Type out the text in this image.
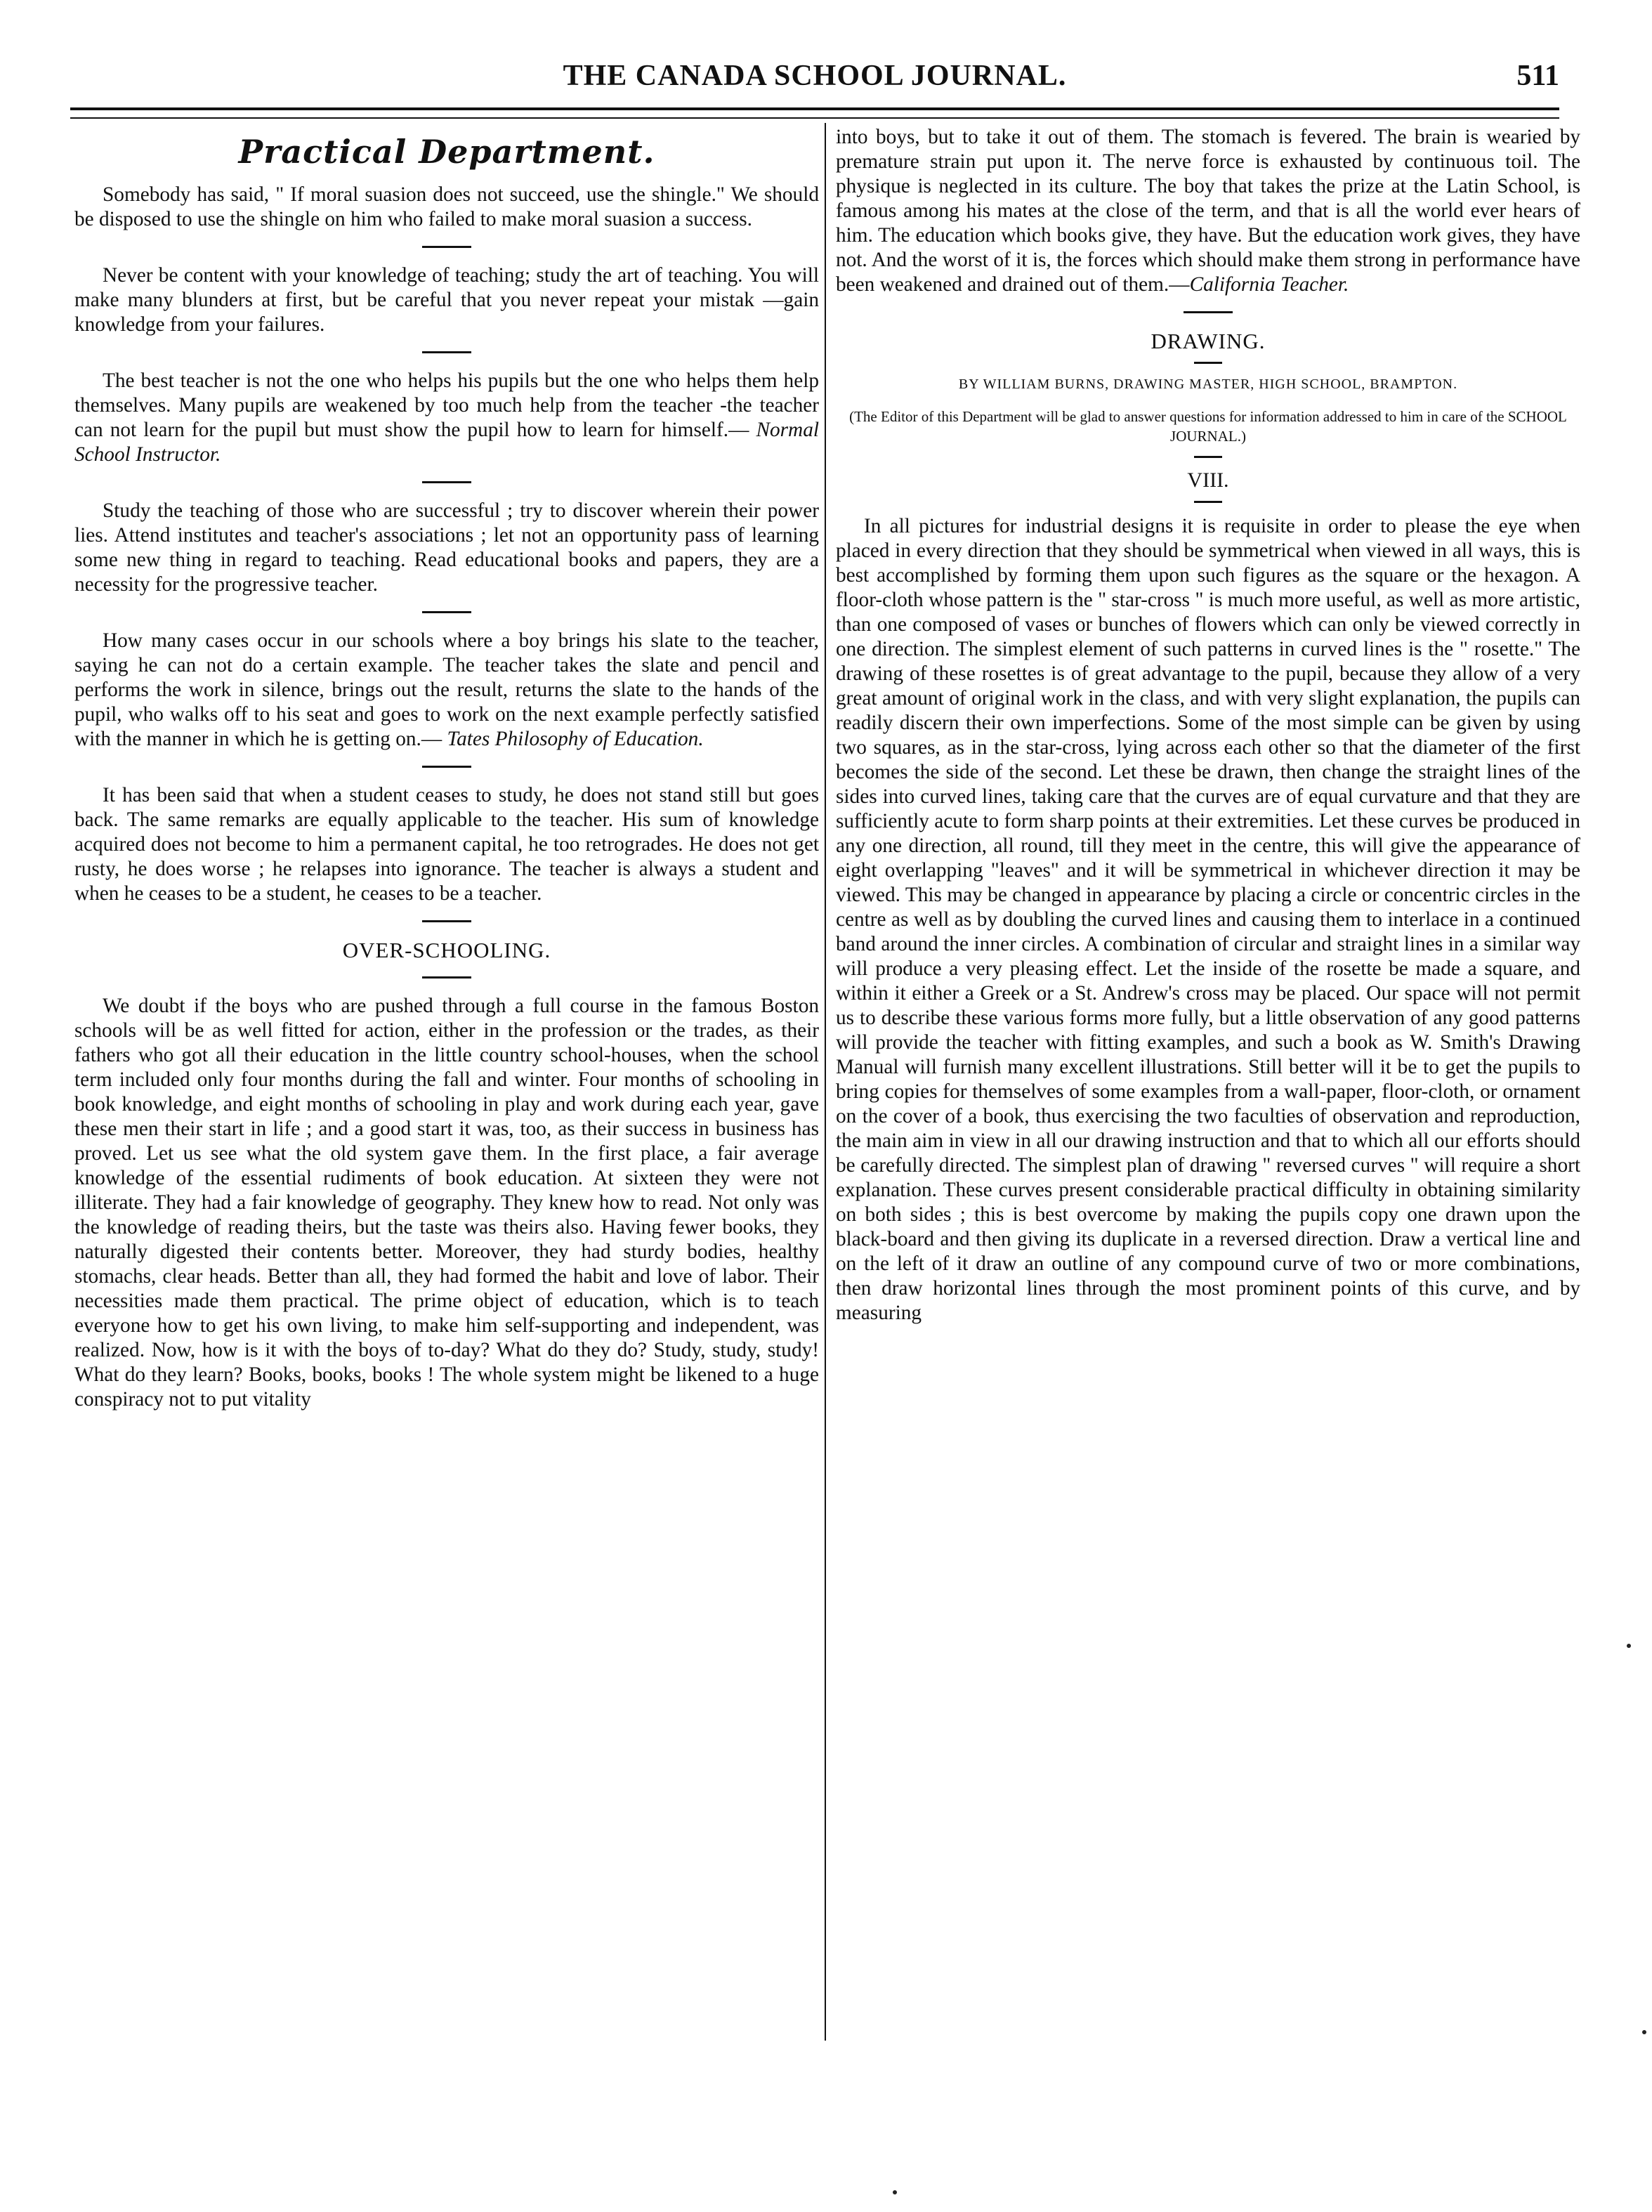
THE CANADA SCHOOL JOURNAL.	511
Practical Department.

Somebody has said, " If moral suasion does not succeed, use the shingle." We should be disposed to use the shingle on him who failed to make moral suasion a success.

Never be content with your knowledge of teaching; study the art of teaching. You will make many blunders at first, but be careful that you never repeat your mistak —gain knowledge from your failures.

The best teacher is not the one who helps his pupils but the one who helps them help themselves. Many pupils are weakened by too much help from the teacher -the teacher can not learn for the pupil but must show the pupil how to learn for himself.— Normal School Instructor.

Study the teaching of those who are successful ; try to discover wherein their power lies. Attend institutes and teacher's associations ; let not an opportunity pass of learning some new thing in regard to teaching. Read educational books and papers, they are a necessity for the progressive teacher.

How many cases occur in our schools where a boy brings his slate to the teacher, saying he can not do a certain example. The teacher takes the slate and pencil and performs the work in silence, brings out the result, returns the slate to the hands of the pupil, who walks off to his seat and goes to work on the next example perfectly satisfied with the manner in which he is getting on.— Tates Philosophy of Education.

It has been said that when a student ceases to study, he does not stand still but goes back. The same remarks are equally applicable to the teacher. His sum of knowledge acquired does not become to him a permanent capital, he too retrogrades. He does not get rusty, he does worse ; he relapses into ignorance. The teacher is always a student and when he ceases to be a student, he ceases to be a teacher.

OVER-SCHOOLING.

We doubt if the boys who are pushed through a full course in the famous Boston schools will be as well fitted for action, either in the profession or the trades, as their fathers who got all their education in the little country school-houses, when the school term included only four months during the fall and winter. Four months of schooling in book knowledge, and eight months of schooling in play and work during each year, gave these men their start in life ; and a good start it was, too, as their success in business has proved. Let us see what the old system gave them. In the first place, a fair average knowledge of the essential rudiments of book education. At sixteen they were not illiterate. They had a fair knowledge of geography. They knew how to read. Not only was the knowledge of reading theirs, but the taste was theirs also. Having fewer books, they naturally digested their contents better. Moreover, they had sturdy bodies, healthy stomachs, clear heads. Better than all, they had formed the habit and love of labor. Their necessities made them practical. The prime object of education, which is to teach everyone how to get his own living, to make him self-supporting and independent, was realized. Now, how is it with the boys of to-day? What do they do? Study, study, study! What do they learn? Books, books, books ! The whole system might be likened to a huge conspiracy not to put vitality

into boys, but to take it out of them. The stomach is fevered. The brain is wearied by premature strain put upon it. The nerve force is exhausted by continuous toil. The physique is neglected in its culture. The boy that takes the prize at the Latin School, is famous among his mates at the close of the term, and that is all the world ever hears of him. The education which books give, they have. But the education work gives, they have not. And the worst of it is, the forces which should make them strong in performance have been weakened and drained out of them.—California Teacher.

DRAWING.
BY WILLIAM BURNS, DRAWING MASTER, HIGH SCHOOL, BRAMPTON.
(The Editor of this Department will be glad to answer questions for information addressed to him in care of the SCHOOL JOURNAL.)
VIII.

In all pictures for industrial designs it is requisite in order to please the eye when placed in every direction that they should be symmetrical when viewed in all ways, this is best accomplished by forming them upon such figures as the square or the hexagon. A floor-cloth whose pattern is the " star-cross " is much more useful, as well as more artistic, than one composed of vases or bunches of flowers which can only be viewed correctly in one direction. The simplest element of such patterns in curved lines is the " rosette." The drawing of these rosettes is of great advantage to the pupil, because they allow of a very great amount of original work in the class, and with very slight explanation, the pupils can readily discern their own imperfections. Some of the most simple can be given by using two squares, as in the star-cross, lying across each other so that the diameter of the first becomes the side of the second. Let these be drawn, then change the straight lines of the sides into curved lines, taking care that the curves are of equal curvature and that they are sufficiently acute to form sharp points at their extremities. Let these curves be produced in any one direction, all round, till they meet in the centre, this will give the appearance of eight overlapping "leaves" and it will be symmetrical in whichever direction it may be viewed. This may be changed in appearance by placing a circle or concentric circles in the centre as well as by doubling the curved lines and causing them to interlace in a continued band around the inner circles. A combination of circular and straight lines in a similar way will produce a very pleasing effect. Let the inside of the rosette be made a square, and within it either a Greek or a St. Andrew's cross may be placed. Our space will not permit us to describe these various forms more fully, but a little observation of any good patterns will provide the teacher with fitting examples, and such a book as W. Smith's Drawing Manual will furnish many excellent illustrations. Still better will it be to get the pupils to bring copies for themselves of some examples from a wall-paper, floor-cloth, or ornament on the cover of a book, thus exercising the two faculties of observation and reproduction, the main aim in view in all our drawing instruction and that to which all our efforts should be carefully directed. The simplest plan of drawing " reversed curves " will require a short explanation. These curves present considerable practical difficulty in obtaining similarity on both sides ; this is best overcome by making the pupils copy one drawn upon the black-board and then giving its duplicate in a reversed direction. Draw a vertical line and on the left of it draw an outline of any compound curve of two or more combinations, then draw horizontal lines through the most prominent points of this curve, and by measuring
